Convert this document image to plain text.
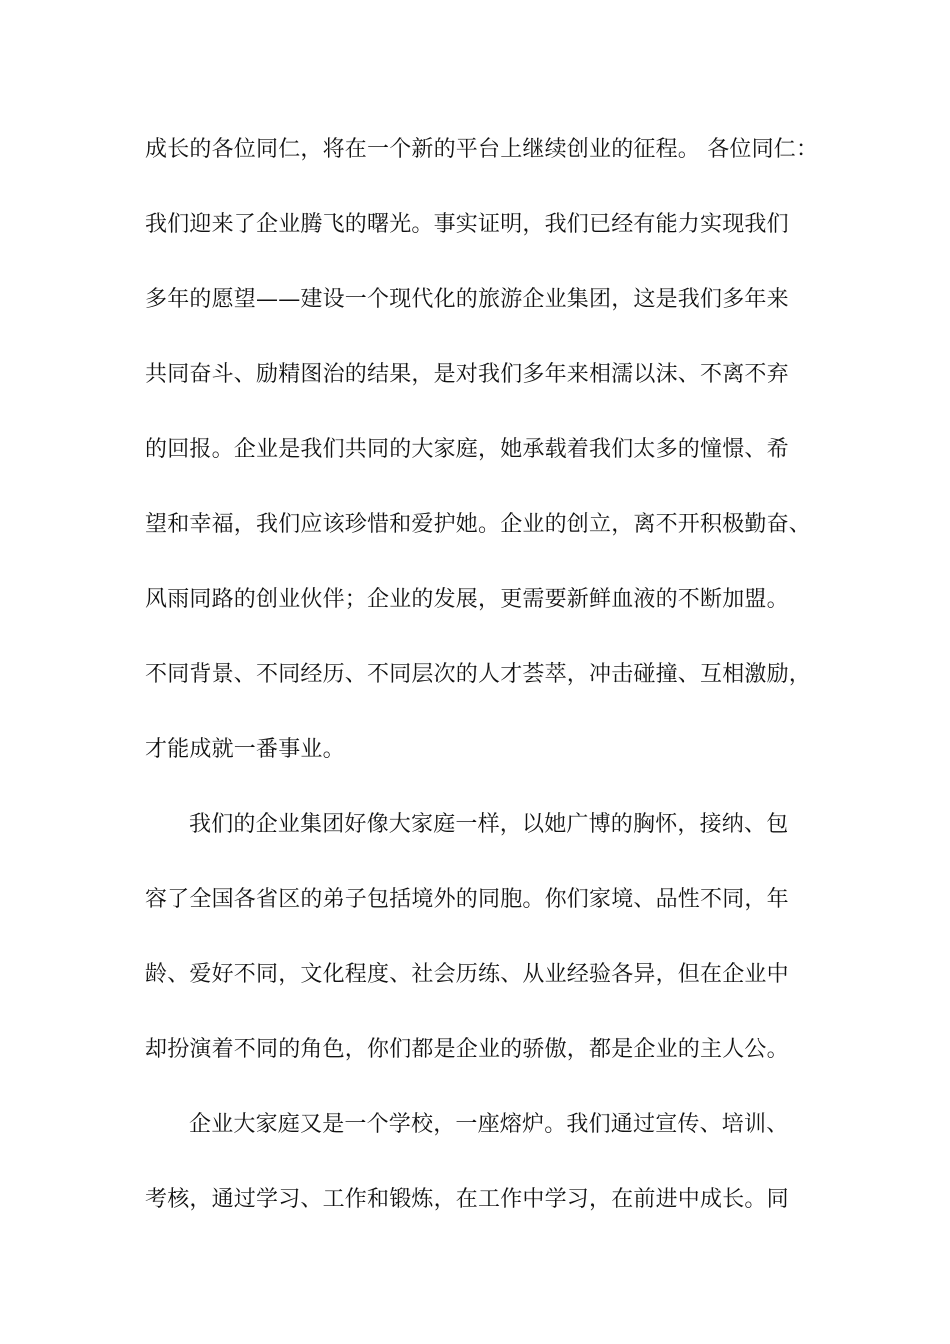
成长的各位同仁，将在一个新的平台上继续创业的征程。 各位同仁：
我们迎来了企业腾飞的曙光。事实证明，我们已经有能力实现我们
多年的愿望——建设一个现代化的旅游企业集团，这是我们多年来
共同奋斗、励精图治的结果，是对我们多年来相濡以沫、不离不弃
的回报。企业是我们共同的大家庭，她承载着我们太多的憧憬、希
望和幸福，我们应该珍惜和爱护她。企业的创立，离不开积极勤奋、
风雨同路的创业伙伴；企业的发展，更需要新鲜血液的不断加盟。
不同背景、不同经历、不同层次的人才荟萃，冲击碰撞、互相激励，
才能成就一番事业。
我们的企业集团好像大家庭一样，以她广博的胸怀，接纳、包
容了全国各省区的弟子包括境外的同胞。你们家境、品性不同，年
龄、爱好不同，文化程度、社会历练、从业经验各异，但在企业中
却扮演着不同的角色，你们都是企业的骄傲，都是企业的主人公。
企业大家庭又是一个学校，一座熔炉。我们通过宣传、培训、
考核，通过学习、工作和锻炼，在工作中学习，在前进中成长。同
